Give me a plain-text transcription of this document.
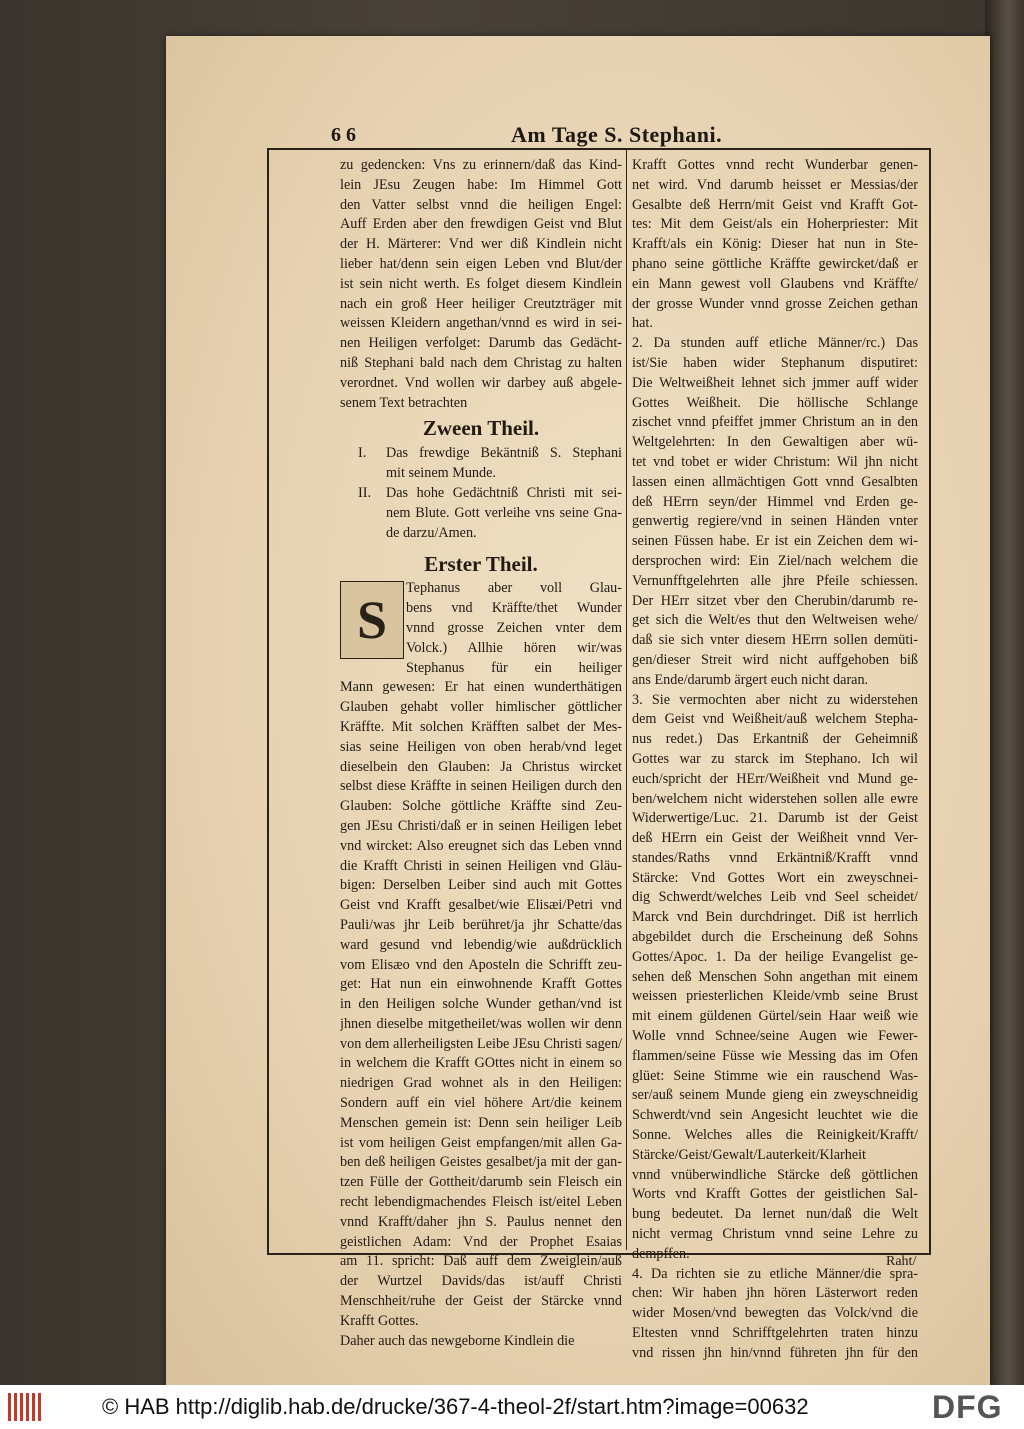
6 6	Am Tage S. Stephani.
zu gedencken: Vns zu erinnern/daß das Kind-
lein JEsu Zeugen habe: Im Himmel Gott
den Vatter selbst vnnd die heiligen Engel:
Auff Erden aber den frewdigen Geist vnd Blut
der H. Märterer: Vnd wer diß Kindlein nicht
lieber hat/denn sein eigen Leben vnd Blut/der
ist sein nicht werth. Es folget diesem Kindlein
nach ein groß Heer heiliger Creutzträger mit
weissen Kleidern angethan/vnnd es wird in sei-
nen Heiligen verfolget: Darumb das Gedächt-
niß Stephani bald nach dem Christag zu halten
verordnet. Vnd wollen wir darbey auß abgele-
senem Text betrachten
Zween Theil.
I.	Das frewdige Bekäntniß S. Stephani
mit seinem Munde.
II.	Das hohe Gedächtniß Christi mit sei-
nem Blute. Gott verleihe vns seine Gna-
de darzu/Amen.
Erster Theil.
S
Tephanus aber voll Glau-
bens vnd Kräffte/thet Wunder
vnnd grosse Zeichen vnter dem
Volck.) Allhie hören wir/was
Stephanus für ein heiliger
Mann gewesen: Er hat einen wunderthätigen
Glauben gehabt voller himlischer göttlicher
Kräffte. Mit solchen Kräfften salbet der Mes-
sias seine Heiligen von oben herab/vnd leget
dieselbein den Glauben: Ja Christus wircket
selbst diese Kräffte in seinen Heiligen durch den
Glauben: Solche göttliche Kräffte sind Zeu-
gen JEsu Christi/daß er in seinen Heiligen lebet
vnd wircket: Also ereugnet sich das Leben vnnd
die Krafft Christi in seinen Heiligen vnd Gläu-
bigen: Derselben Leiber sind auch mit Gottes
Geist vnd Krafft gesalbet/wie Elisæi/Petri vnd
Pauli/was jhr Leib berühret/ja jhr Schatte/das
ward gesund vnd lebendig/wie außdrücklich
vom Elisæo vnd den Aposteln die Schrifft zeu-
get: Hat nun ein einwohnende Krafft Gottes
in den Heiligen solche Wunder gethan/vnd ist
jhnen dieselbe mitgetheilet/was wollen wir denn
von dem allerheiligsten Leibe JEsu Christi sagen/
in welchem die Krafft GOttes nicht in einem so
niedrigen Grad wohnet als in den Heiligen:
Sondern auff ein viel höhere Art/die keinem
Menschen gemein ist: Denn sein heiliger Leib
ist vom heiligen Geist empfangen/mit allen Ga-
ben deß heiligen Geistes gesalbet/ja mit der gan-
tzen Fülle der Gottheit/darumb sein Fleisch ein
recht lebendigmachendes Fleisch ist/eitel Leben
vnnd Krafft/daher jhn S. Paulus nennet den
geistlichen Adam: Vnd der Prophet Esaias
am 11. spricht: Daß auff dem Zweiglein/auß
der Wurtzel Davids/das ist/auff Christi
Menschheit/ruhe der Geist der Stärcke vnnd
Krafft Gottes.
Daher auch das newgeborne Kindlein die
Krafft Gottes vnnd recht Wunderbar genen-
net wird. Vnd darumb heisset er Messias/der
Gesalbte deß Herrn/mit Geist vnd Krafft Got-
tes: Mit dem Geist/als ein Hoherpriester: Mit
Krafft/als ein König: Dieser hat nun in Ste-
phano seine göttliche Kräffte gewircket/daß er
ein Mann gewest voll Glaubens vnd Kräffte/
der grosse Wunder vnnd grosse Zeichen gethan
hat.
2. Da stunden auff etliche Männer/rc.) Das
ist/Sie haben wider Stephanum disputiret:
Die Weltweißheit lehnet sich jmmer auff wider
Gottes Weißheit. Die höllische Schlange
zischet vnnd pfeiffet jmmer Christum an in den
Weltgelehrten: In den Gewaltigen aber wü-
tet vnd tobet er wider Christum: Wil jhn nicht
lassen einen allmächtigen Gott vnnd Gesalbten
deß HErrn seyn/der Himmel vnd Erden ge-
genwertig regiere/vnd in seinen Händen vnter
seinen Füssen habe. Er ist ein Zeichen dem wi-
dersprochen wird: Ein Ziel/nach welchem die
Vernunfftgelehrten alle jhre Pfeile schiessen.
Der HErr sitzet vber den Cherubin/darumb re-
get sich die Welt/es thut den Weltweisen wehe/
daß sie sich vnter diesem HErrn sollen demüti-
gen/dieser Streit wird nicht auffgehoben biß
ans Ende/darumb ärgert euch nicht daran.
3. Sie vermochten aber nicht zu widerstehen
dem Geist vnd Weißheit/auß welchem Stepha-
nus redet.) Das Erkantniß der Geheimniß
Gottes war zu starck im Stephano. Ich wil
euch/spricht der HErr/Weißheit vnd Mund ge-
ben/welchem nicht widerstehen sollen alle ewre
Widerwertige/Luc. 21. Darumb ist der Geist
deß HErrn ein Geist der Weißheit vnnd Ver-
standes/Raths vnnd Erkäntniß/Krafft vnnd
Stärcke: Vnd Gottes Wort ein zweyschnei-
dig Schwerdt/welches Leib vnd Seel scheidet/
Marck vnd Bein durchdringet. Diß ist herrlich
abgebildet durch die Erscheinung deß Sohns
Gottes/Apoc. 1. Da der heilige Evangelist ge-
sehen deß Menschen Sohn angethan mit einem
weissen priesterlichen Kleide/vmb seine Brust
mit einem güldenen Gürtel/sein Haar weiß wie
Wolle vnnd Schnee/seine Augen wie Fewer-
flammen/seine Füsse wie Messing das im Ofen
glüet: Seine Stimme wie ein rauschend Was-
ser/auß seinem Munde gieng ein zweyschneidig
Schwerdt/vnd sein Angesicht leuchtet wie die
Sonne. Welches alles die Reinigkeit/Krafft/
Stärcke/Geist/Gewalt/Lauterkeit/Klarheit
vnnd vnüberwindliche Stärcke deß göttlichen
Worts vnd Krafft Gottes der geistlichen Sal-
bung bedeutet. Da lernet nun/daß die Welt
nicht vermag Christum vnnd seine Lehre zu
dempffen.
4. Da richten sie zu etliche Männer/die spra-
chen: Wir haben jhn hören Lästerwort reden
wider Mosen/vnd bewegten das Volck/vnd die
Eltesten vnnd Schrifftgelehrten traten hinzu
vnd rissen jhn hin/vnnd führeten jhn für den
Raht/
© HAB http://diglib.hab.de/drucke/367-4-theol-2f/start.htm?image=00632	DFG
